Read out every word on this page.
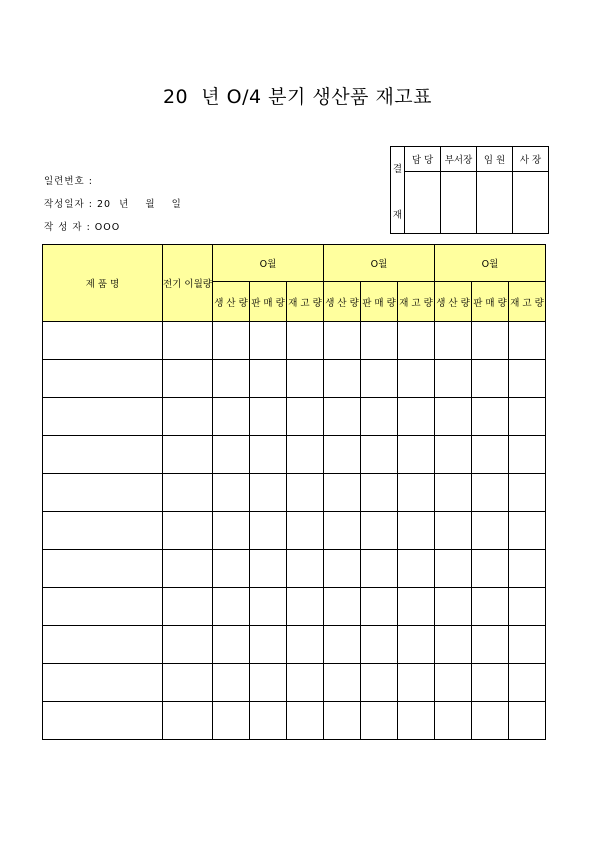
20  년 O/4 분기 생산품 재고표
일련번호 :
작성일자 : 20  년    월    일
작 성 자 : OOO
결
재	담 당	부서장	임 원	사 장

제 품 명	전기 이월량	O월			O월			O월		
		생 산 량	판 매 량	재 고 량	생 산 량	판 매 량	재 고 량	생 산 량	판 매 량	재 고 량
